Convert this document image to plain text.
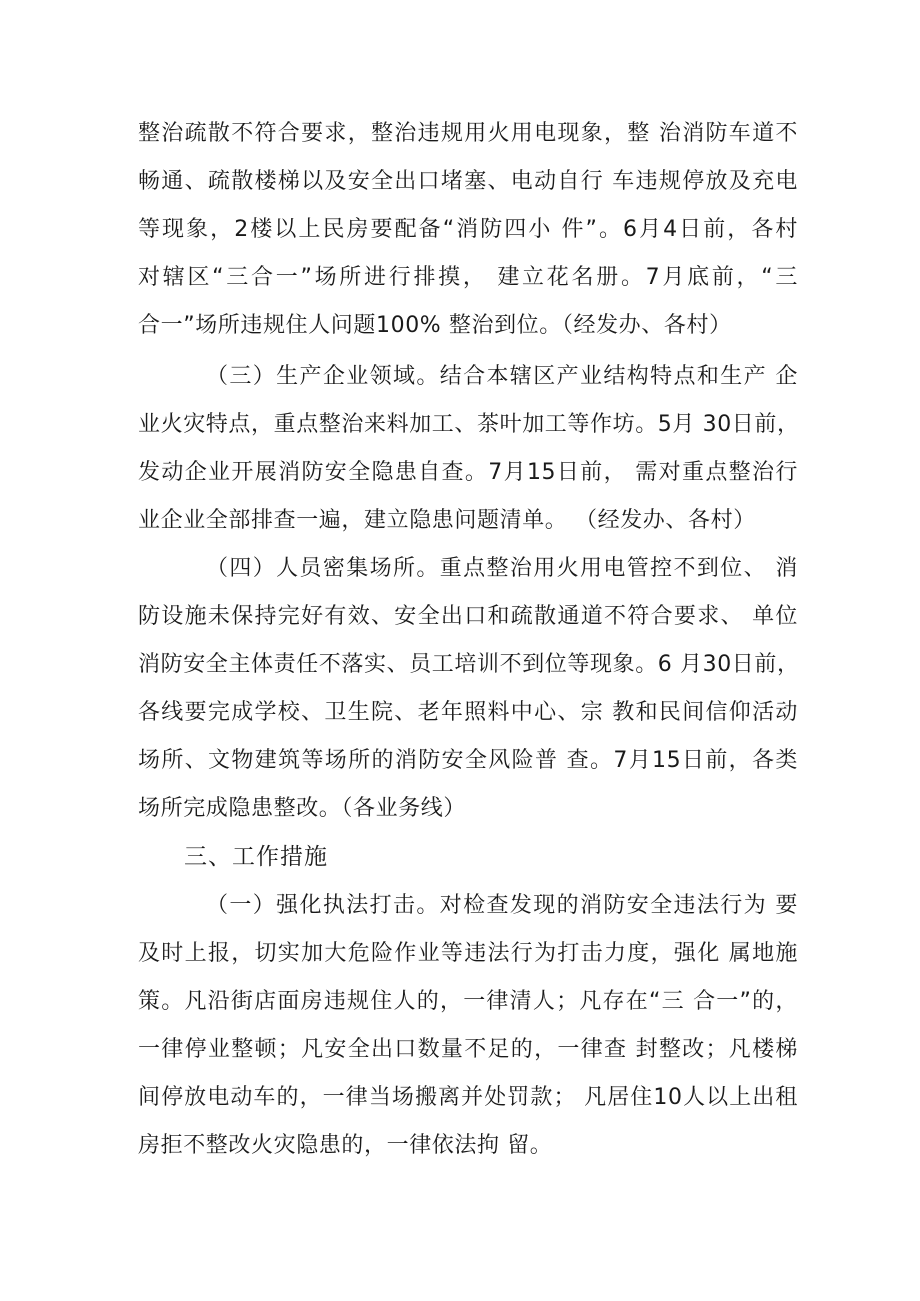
整治疏散不符合要求，整治违规用火用电现象，整 治消防车道不
畅通、疏散楼梯以及安全出口堵塞、电动自行 车违规停放及充电
等现象，2楼以上民房要配备“消防四小 件”。6月4日前，各村
对辖区“三合一”场所进行排摸， 建立花名册。7月底前，“三
合一”场所违规住人问题100% 整治到位。（经发办、各村）
（三）生产企业领域。结合本辖区产业结构特点和生产 企
业火灾特点，重点整治来料加工、茶叶加工等作坊。5月 30日前，
发动企业开展消防安全隐患自查。7月15日前， 需对重点整治行
业企业全部排查一遍，建立隐患问题清单。 （经发办、各村）
（四）人员密集场所。重点整治用火用电管控不到位、 消
防设施未保持完好有效、安全出口和疏散通道不符合要求、 单位
消防安全主体责任不落实、员工培训不到位等现象。6 月30日前，
各线要完成学校、卫生院、老年照料中心、宗 教和民间信仰活动
场所、文物建筑等场所的消防安全风险普 查。7月15日前，各类
场所完成隐患整改。（各业务线）
三、工作措施
（一）强化执法打击。对检查发现的消防安全违法行为 要
及时上报，切实加大危险作业等违法行为打击力度，强化 属地施
策。凡沿街店面房违规住人的，一律清人；凡存在“三 合一”的，
一律停业整顿；凡安全出口数量不足的，一律查 封整改；凡楼梯
间停放电动车的，一律当场搬离并处罚款； 凡居住10人以上出租
房拒不整改火灾隐患的，一律依法拘 留。
